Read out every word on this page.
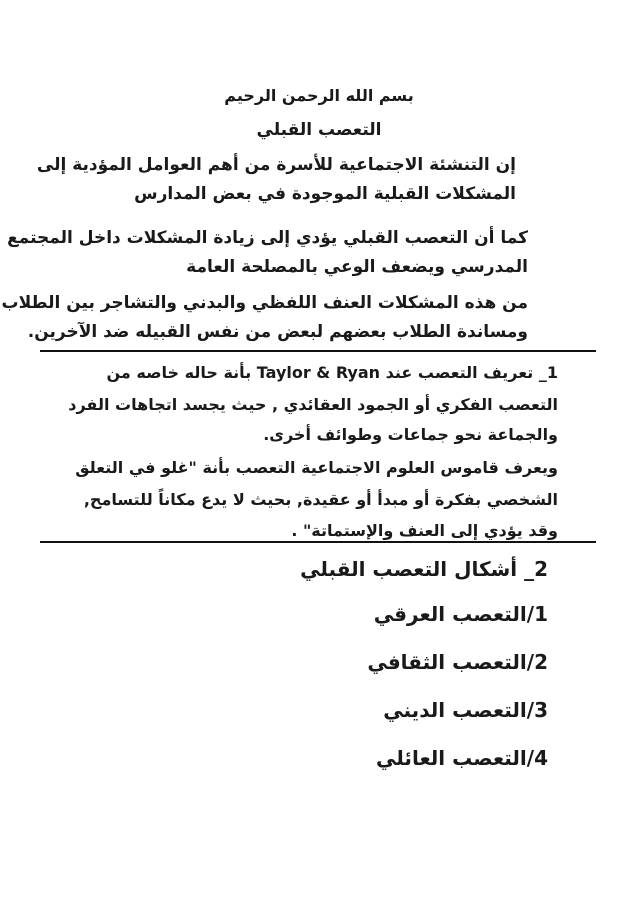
بسم الله الرحمن الرحيم
التعصب القبلي
إن التنشئة الاجتماعية للأسرة من أهم العوامل المؤدية إلى
المشكلات القبلية الموجودة في بعض المدارس
كما أن التعصب القبلي يؤدي إلى زيادة المشكلات داخل المجتمع
المدرسي ويضعف الوعي بالمصلحة العامة
من هذه المشكلات العنف اللفظي والبدني والتشاجر بين الطلاب
ومساندة الطلاب بعضهم لبعض من نفس القبيله ضد الآخرين.
1_ تعريف التعصب عند Taylor & Ryan بأنة حاله خاصه من
التعصب الفكري أو الجمود العقائدي , حيث يجسد اتجاهات الفرد
والجماعة نحو جماعات وطوائف أخرى.
ويعرف قاموس العلوم الاجتماعية التعصب بأنة "غلو في التعلق
الشخصي بفكرة أو مبدأ أو عقيدة, بحيث لا يدع مكاناً للتسامح,
وقد يؤدي إلى العنف والإستماتة" .
2_ أشكال التعصب القبلي
1/التعصب العرقي
2/التعصب الثقافي
3/التعصب الديني
4/التعصب العائلي
